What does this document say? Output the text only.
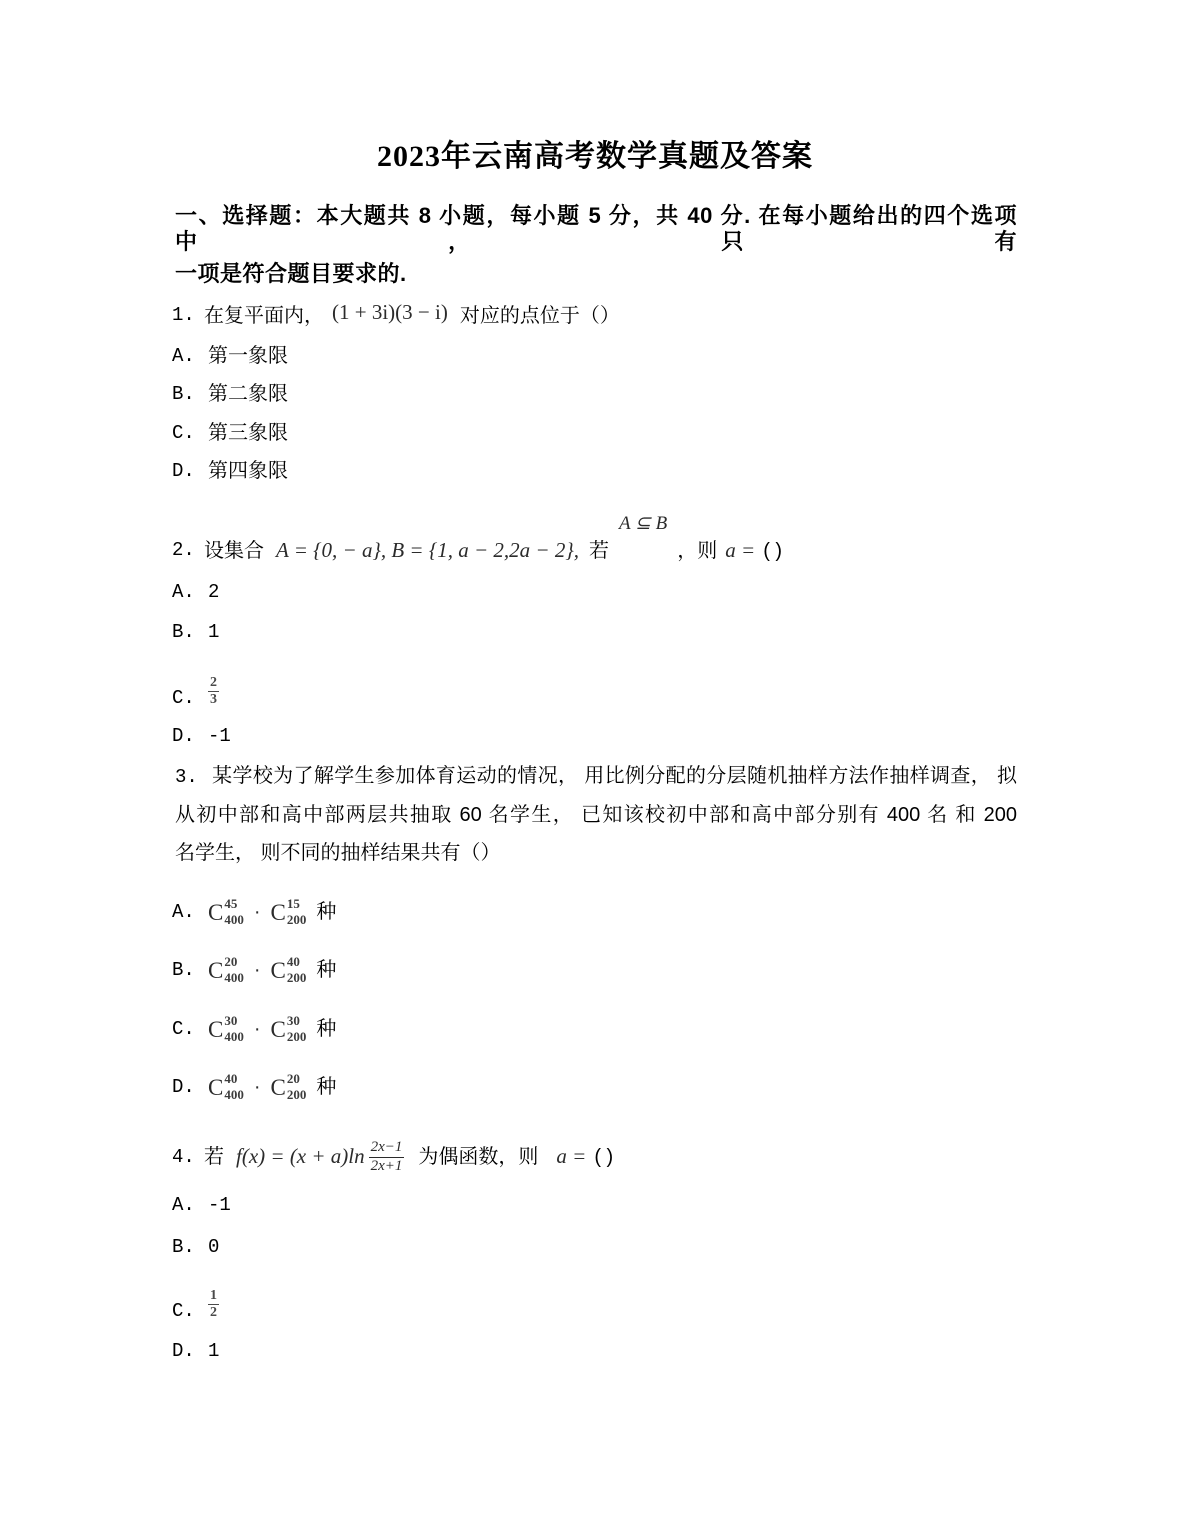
2023年云南高考数学真题及答案
一、选择题：本大题共 8 小题，每小题 5 分，共 40 分. 在每小题给出的四个选项中，只有
一项是符合题目要求的.
1. 在复平面内， (1 + 3i)(3 − i) 对应的点位于（）
A. 第一象限
B. 第二象限
C. 第三象限
D. 第四象限
2. 设集合 A = {0, − a}, B = {1, a − 2,2a − 2}, 若
A ⊆ B
，则 a = ( )
A. 2
B. 1
C. $\frac{2}{3}$
D. -1
3. 某学校为了解学生参加体育运动的情况， 用比例分配的分层随机抽样方法作抽样调查， 拟
从初中部和高中部两层共抽取 60 名学生， 已知该校初中部和高中部分别有 400 名 和 200
名学生， 则不同的抽样结果共有（）
A. C 45
400 · C 15
200 种
B. C 20
400 · C 40
200 种
C. C 30
400 · C 30
200 种
D. C 40
400 · C 20
200 种
4. 若 $f(x) = (x + a)\ln \frac{2x-1}{2x+1}$ 为偶函数，则 a = ( )
A. -1
B. 0
C. $\frac{1}{2}$
D. 1
